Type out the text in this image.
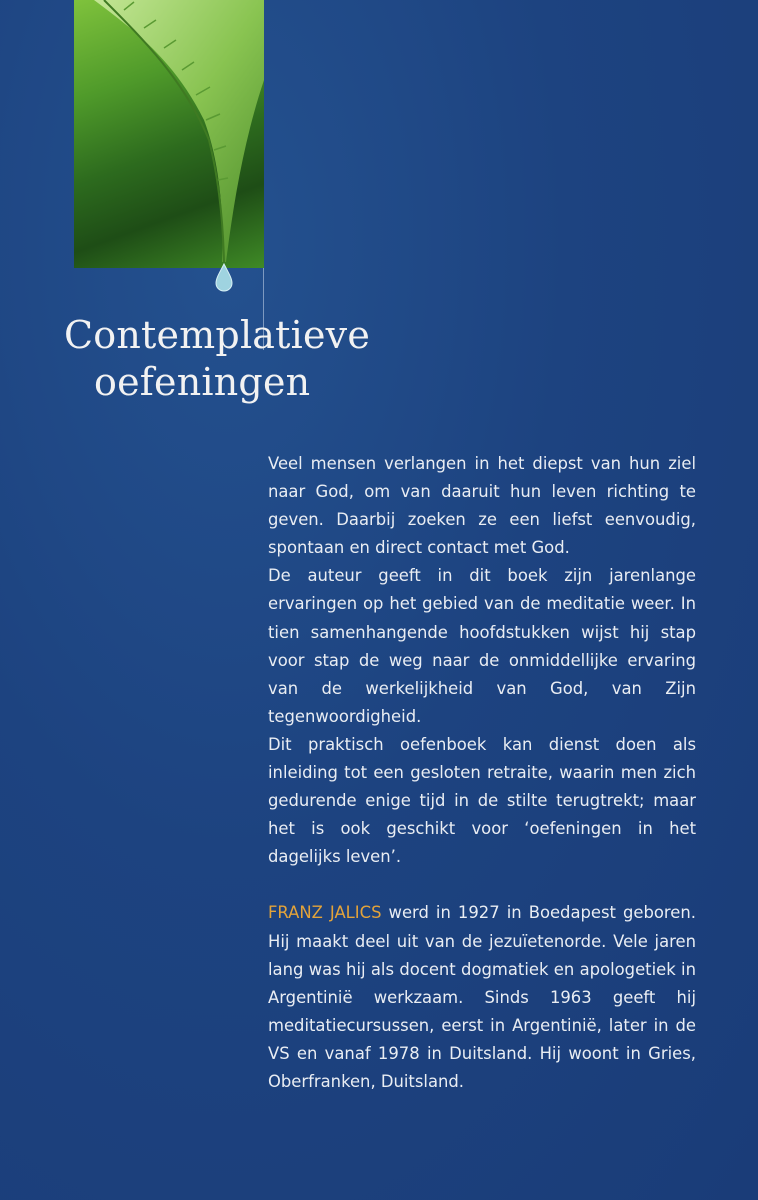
Contemplatieve
oefeningen

Veel mensen verlangen in het diepst van hun ziel naar God, om van daaruit hun leven richting te geven. Daarbij zoeken ze een liefst eenvoudig, spontaan en direct contact met God.

De auteur geeft in dit boek zijn jarenlange ervaringen op het gebied van de meditatie weer. In tien samenhangende hoofdstukken wijst hij stap voor stap de weg naar de onmiddellijke ervaring van de werkelijkheid van God, van Zijn tegenwoordigheid.

Dit praktisch oefenboek kan dienst doen als inleiding tot een gesloten retraite, waarin men zich gedurende enige tijd in de stilte terugtrekt; maar het is ook geschikt voor ‘oefeningen in het dagelijks leven’.

FRANZ JALICS werd in 1927 in Boedapest geboren. Hij maakt deel uit van de jezuïetenorde. Vele jaren lang was hij als docent dogmatiek en apologetiek in Argentinië werkzaam. Sinds 1963 geeft hij meditatiecursussen, eerst in Argentinië, later in de VS en vanaf 1978 in Duitsland. Hij woont in Gries, Oberfranken, Duitsland.
